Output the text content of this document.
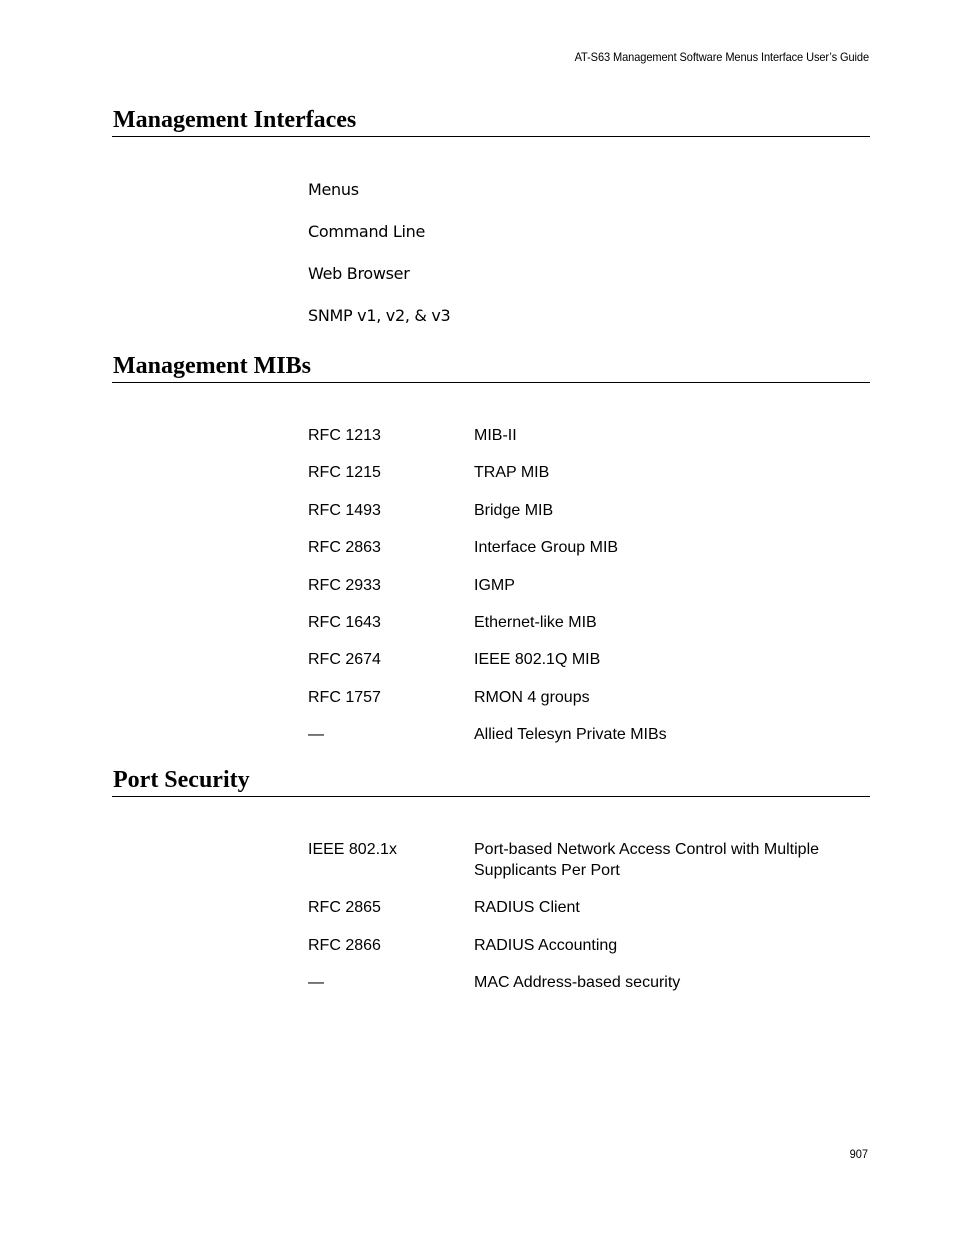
AT-S63 Management Software Menus Interface User’s Guide
Management Interfaces
Menus
Command Line
Web Browser
SNMP v1, v2, & v3
Management MIBs
RFC 1213	MIB-II
RFC 1215	TRAP MIB
RFC 1493	Bridge MIB
RFC 2863	Interface Group MIB
RFC 2933	IGMP
RFC 1643	Ethernet-like MIB
RFC 2674	IEEE 802.1Q MIB
RFC 1757	RMON 4 groups
—	Allied Telesyn Private MIBs
Port Security
IEEE 802.1x	Port-based Network Access Control with Multiple Supplicants Per Port
RFC 2865	RADIUS Client
RFC 2866	RADIUS Accounting
—	MAC Address-based security
907
